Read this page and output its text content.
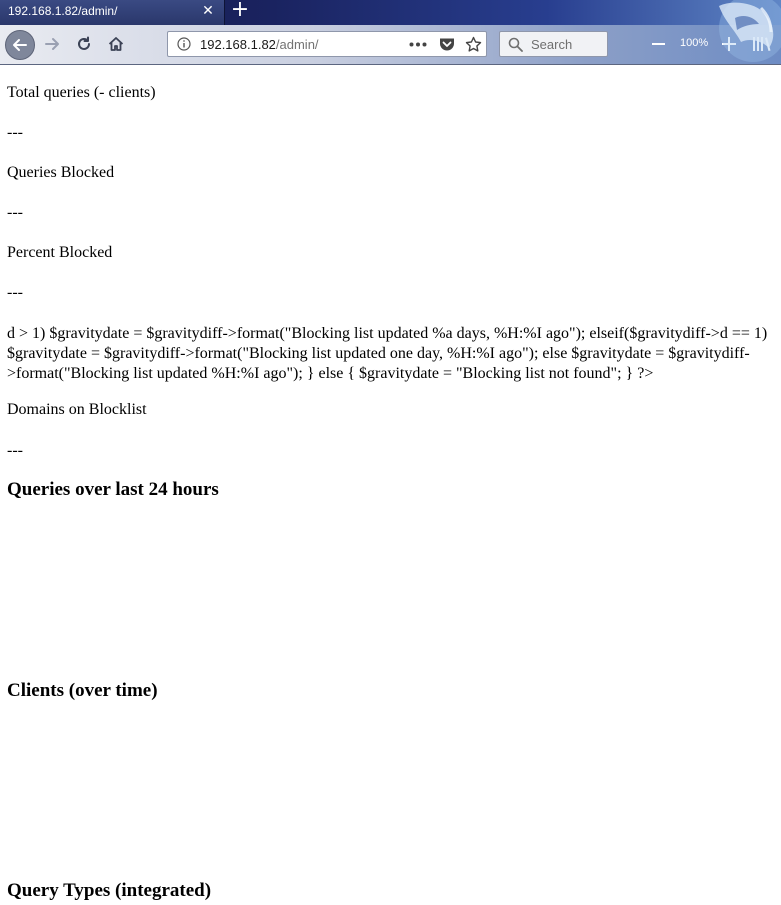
192.168.1.82/admin/	✕ +
192.168.1.82/admin/	Search	100%

Total queries (- clients)

---

Queries Blocked

---

Percent Blocked

---

d > 1) $gravitydate = $gravitydiff->format("Blocking list updated %a days, %H:%I ago"); elseif($gravitydiff->d == 1) $gravitydate = $gravitydiff->format("Blocking list updated one day, %H:%I ago"); else $gravitydate = $gravitydiff->format("Blocking list updated %H:%I ago"); } else { $gravitydate = "Blocking list not found"; } ?>

Domains on Blocklist

---

Queries over last 24 hours
Clients (over time)
Query Types (integrated)
